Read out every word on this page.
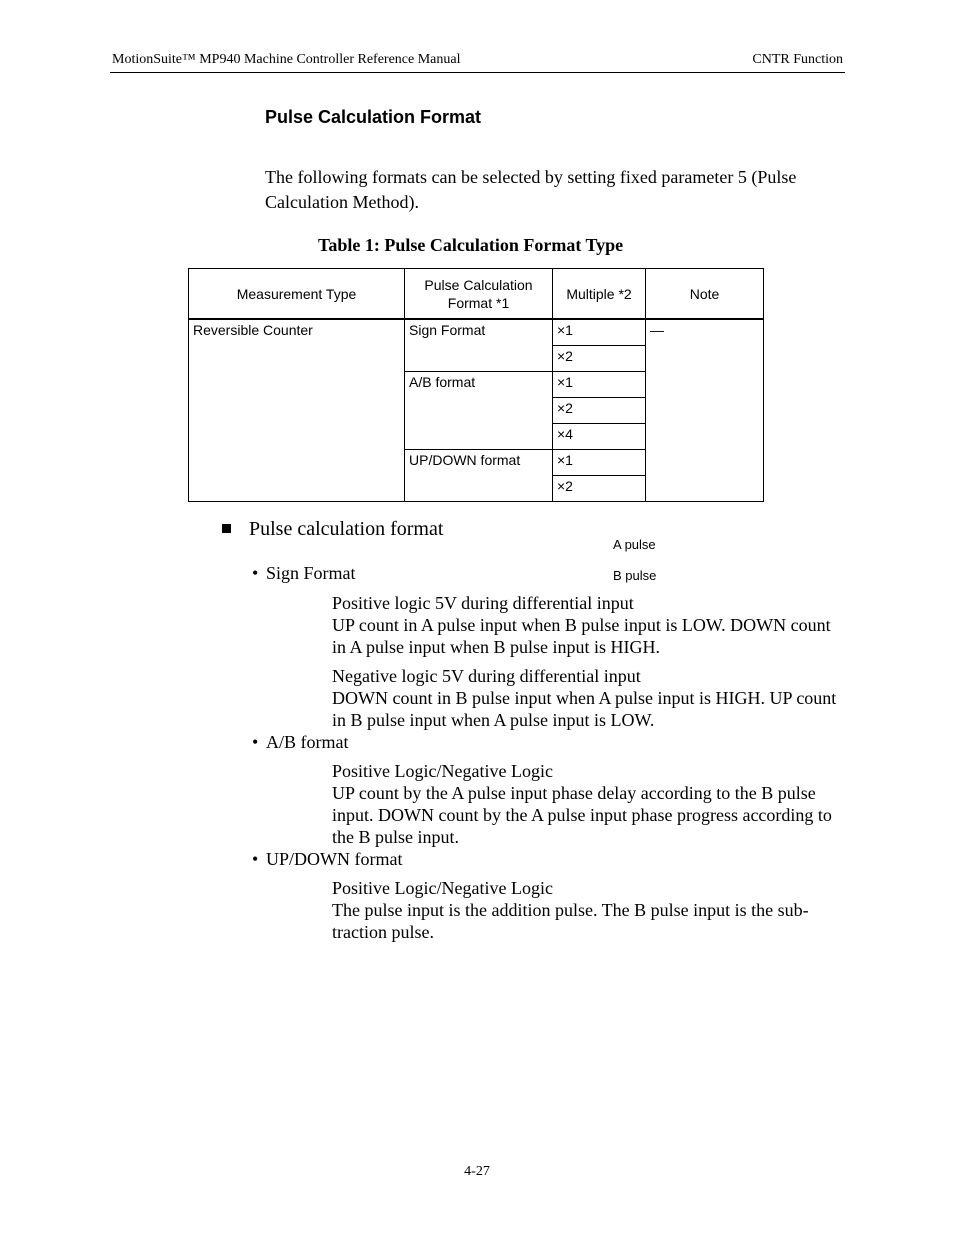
MotionSuite™ MP940 Machine Controller Reference Manual	CNTR Function
Pulse Calculation Format
The following formats can be selected by setting fixed parameter 5 (Pulse Calculation Method).
Table 1: Pulse Calculation Format Type
Measurement Type	Pulse Calculation Format *1	Multiple *2	Note
Reversible Counter	Sign Format	×1	—
		×2	
	A/B format	×1	
		×2	
		×4	
	UP/DOWN format	×1	
		×2	
Pulse calculation format
A pulse
B pulse
• Sign Format
Positive logic 5V during differential input
UP count in A pulse input when B pulse input is LOW. DOWN count in A pulse input when B pulse input is HIGH.
Negative logic 5V during differential input
DOWN count in B pulse input when A pulse input is HIGH. UP count in B pulse input when A pulse input is LOW.
• A/B format
Positive Logic/Negative Logic
UP count by the A pulse input phase delay according to the B pulse input. DOWN count by the A pulse input phase progress according to the B pulse input.
• UP/DOWN format
Positive Logic/Negative Logic
The pulse input is the addition pulse. The B pulse input is the sub-traction pulse.
4-27
